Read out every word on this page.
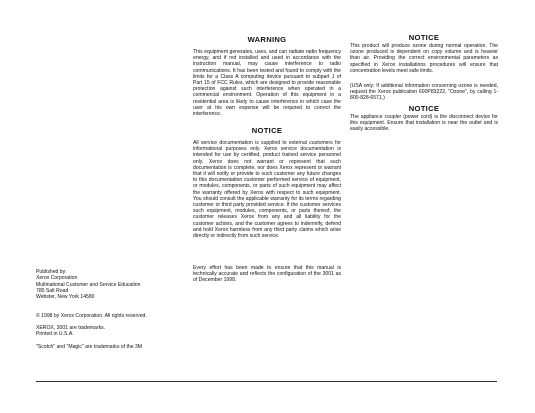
WARNING

This equipment generates, uses, and can radiate radio frequency energy, and if not installed and used in accordance with the instruction manual, may cause interference to radio communications. It has been tested and found to comply with the limits for a Class A computing device pursuant to subpart J of Part 15 of FCC Rules, which are designed to provide reasonable protection against such interference when operated in a commercial environment. Operation of this equipment in a residential area is likely to cause interference in which case the user at his own expense will be required to correct the interference.

NOTICE

All service documentation is supplied to external customers for informational purposes only. Xerox service documentation is intended for use by certified, product trained service personnel only. Xerox does not warrant or represent that such documentation is complete, nor does Xerox represent or warrant that it will notify or provide to such customer any future changes to this documentation customer performed service of equipment, or modules, components, or parts of such equipment may affect the warranty offered by Xerox with respect to such equipment. You should consult the applicable warranty for its terms regarding customer or third party provided service. If the customer services such equipment, modules, components, or parts thereof, the customer releases Xerox from any and all liability for the customer actions, and the customer agrees to indemnify, defend and hold Xerox harmless from any third party claims which arise directly or indirectly from such service.

Every effort has been made to ensure that this manual is technically accurate and reflects the configuration of the 3001 as of December 1998.

NOTICE

This product will produce ozone during normal operation. The ozone produced is dependent on copy volume and is heavier than air. Providing the correct environmental parameters as specified in Xerox installations procedures will ensure that concentration levels meet safe limits.

(USA only: If additional information concerning ozone is needed, request the Xerox publication 600P83222, "Ozone", by calling 1-800-828-6571.)

NOTICE

The appliance coupler (power cord) is the disconnect device for this equipment. Ensure that installation is near the outlet and is easily accessible.

Published by:
Xerox Corporation
Multinational Customer and Service Education
780 Salt Road
Webster, New York 14580

© 1998 by Xerox Corporation. All rights reserved.

XEROX, 3001 are trademarks.
Printed in U.S.A.

"Scotch" and "Magic" are trademarks of the 3M
